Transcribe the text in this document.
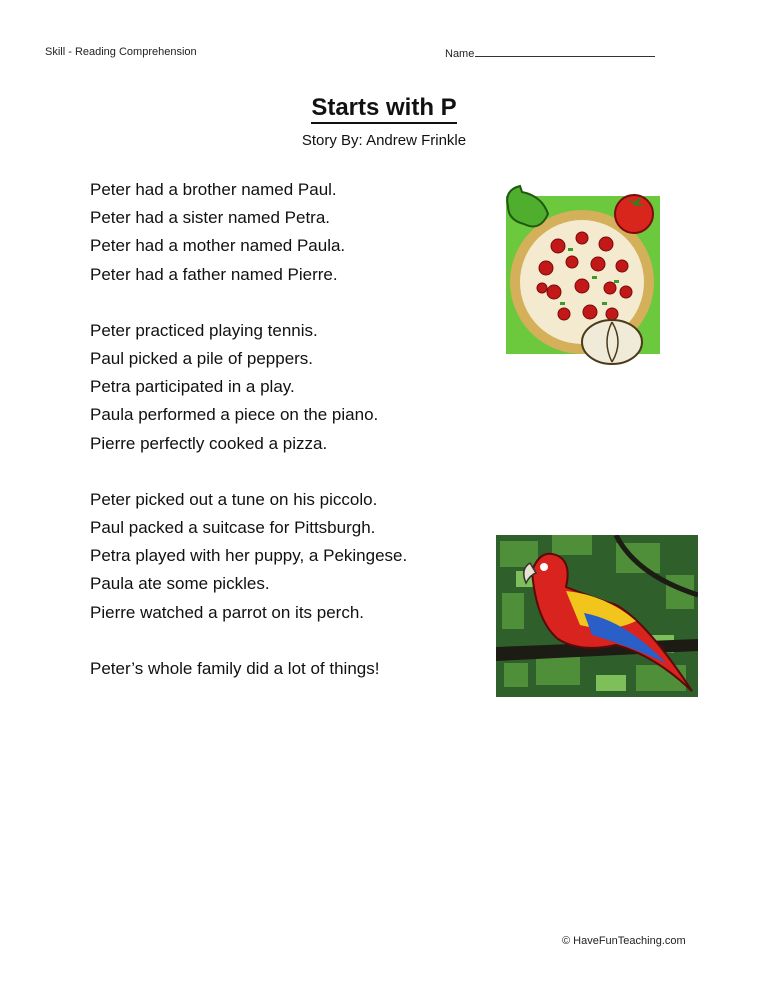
Skill - Reading Comprehension	Name
Starts with P
Story By: Andrew Frinkle

Peter had a brother named Paul.
Peter had a sister named Petra.
Peter had a mother named Paula.
Peter had a father named Pierre.

Peter practiced playing tennis.
Paul picked a pile of peppers.
Petra participated in a play.
Paula performed a piece on the piano.
Pierre perfectly cooked a pizza.

Peter picked out a tune on his piccolo.
Paul packed a suitcase for Pittsburgh.
Petra played with her puppy, a Pekingese.
Paula ate some pickles.
Pierre watched a parrot on its perch.

Peter’s whole family did a lot of things!

© HaveFunTeaching.com
